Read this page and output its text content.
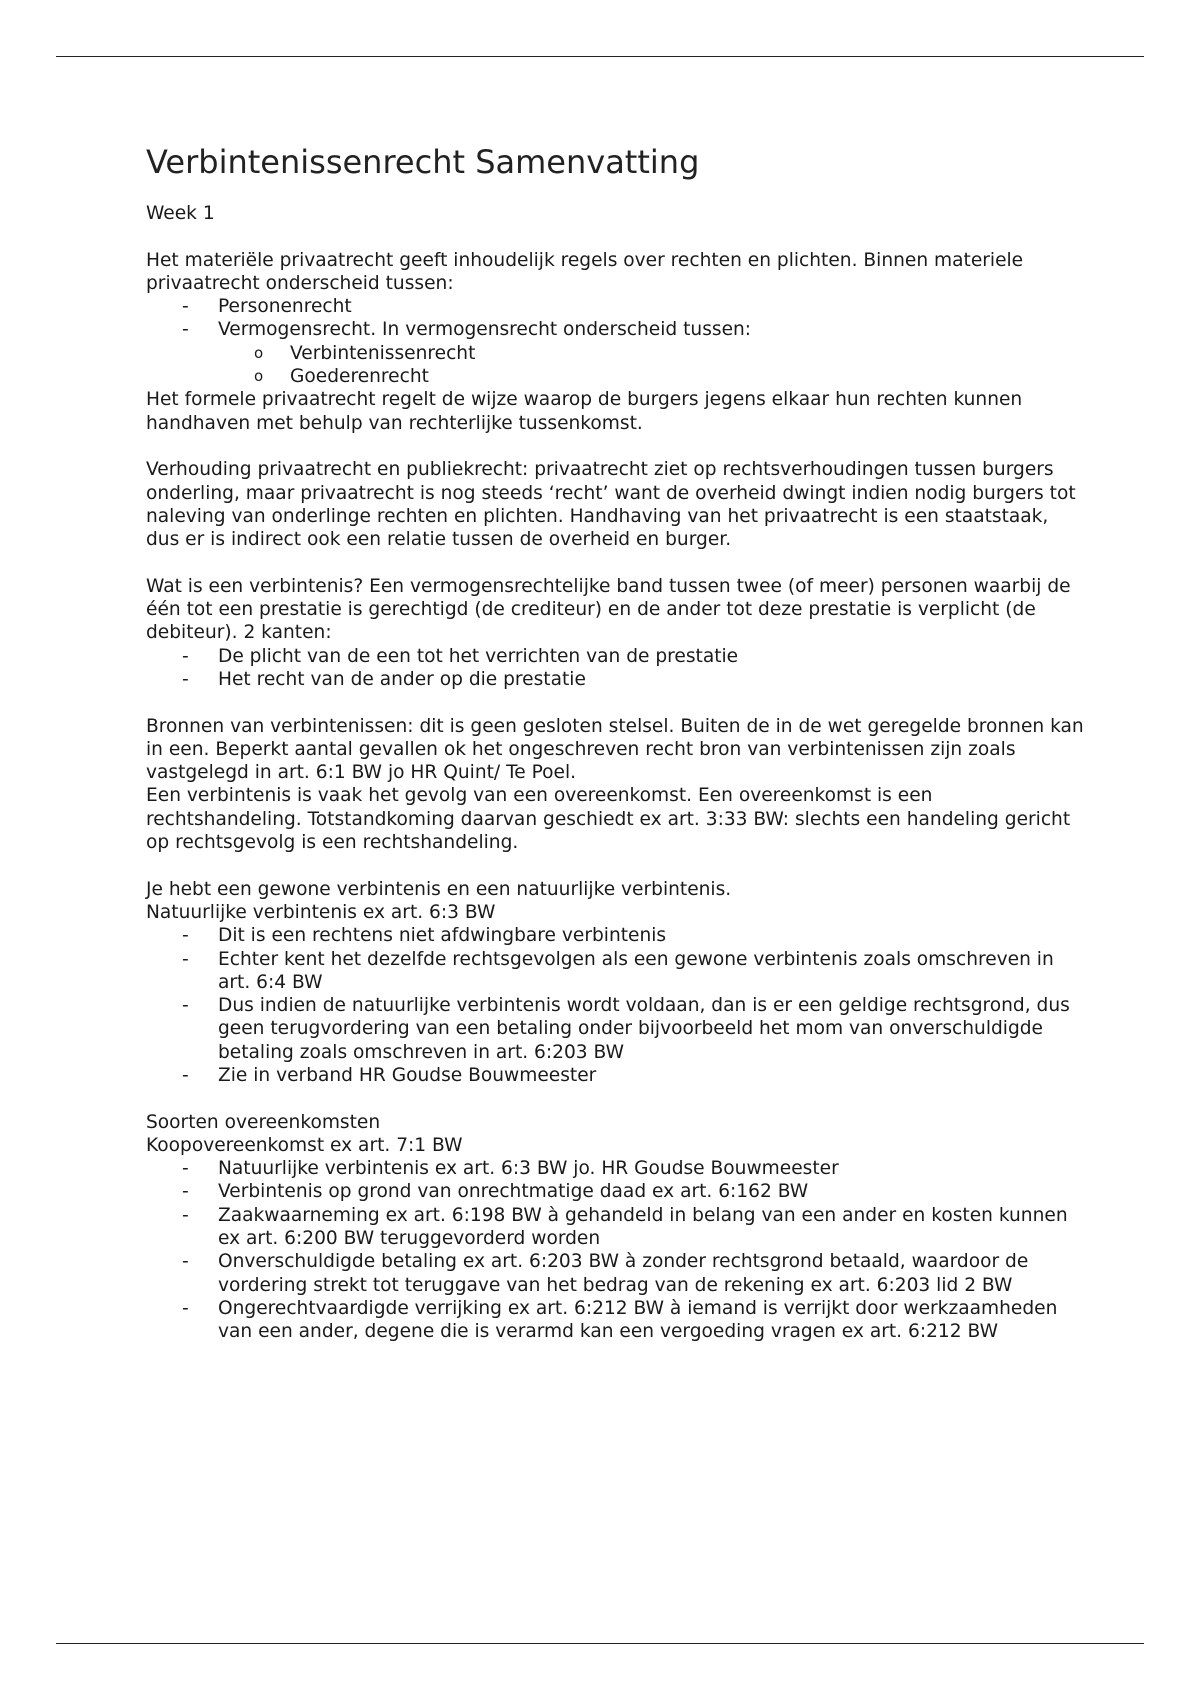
Verbintenissenrecht Samenvatting

Week 1

Het materiële privaatrecht geeft inhoudelijk regels over rechten en plichten. Binnen materiele privaatrecht onderscheid tussen:

- Personenrecht
- Vermogensrecht. In vermogensrecht onderscheid tussen:
o Verbintenissenrecht
o Goederenrecht

Het formele privaatrecht regelt de wijze waarop de burgers jegens elkaar hun rechten kunnen handhaven met behulp van rechterlijke tussenkomst.

Verhouding privaatrecht en publiekrecht: privaatrecht ziet op rechtsverhoudingen tussen burgers onderling, maar privaatrecht is nog steeds ‘recht’ want de overheid dwingt indien nodig burgers tot naleving van onderlinge rechten en plichten. Handhaving van het privaatrecht is een staatstaak, dus er is indirect ook een relatie tussen de overheid en burger.

Wat is een verbintenis? Een vermogensrechtelijke band tussen twee (of meer) personen waarbij de één tot een prestatie is gerechtigd (de crediteur) en de ander tot deze prestatie is verplicht (de debiteur). 2 kanten:

- De plicht van de een tot het verrichten van de prestatie
- Het recht van de ander op die prestatie

Bronnen van verbintenissen: dit is geen gesloten stelsel. Buiten de in de wet geregelde bronnen kan in een. Beperkt aantal gevallen ok het ongeschreven recht bron van verbintenissen zijn zoals vastgelegd in art. 6:1 BW jo HR Quint/ Te Poel.

Een verbintenis is vaak het gevolg van een overeenkomst. Een overeenkomst is een rechtshandeling. Totstandkoming daarvan geschiedt ex art. 3:33 BW: slechts een handeling gericht op rechtsgevolg is een rechtshandeling.

Je hebt een gewone verbintenis en een natuurlijke verbintenis.

Natuurlijke verbintenis ex art. 6:3 BW

- Dit is een rechtens niet afdwingbare verbintenis
- Echter kent het dezelfde rechtsgevolgen als een gewone verbintenis zoals omschreven in art. 6:4 BW
- Dus indien de natuurlijke verbintenis wordt voldaan, dan is er een geldige rechtsgrond, dus geen terugvordering van een betaling onder bijvoorbeeld het mom van onverschuldigde betaling zoals omschreven in art. 6:203 BW
- Zie in verband HR Goudse Bouwmeester

Soorten overeenkomsten

Koopovereenkomst ex art. 7:1 BW

- Natuurlijke verbintenis ex art. 6:3 BW jo. HR Goudse Bouwmeester
- Verbintenis op grond van onrechtmatige daad ex art. 6:162 BW
- Zaakwaarneming ex art. 6:198 BW à gehandeld in belang van een ander en kosten kunnen ex art. 6:200 BW teruggevorderd worden
- Onverschuldigde betaling ex art. 6:203 BW à zonder rechtsgrond betaald, waardoor de vordering strekt tot teruggave van het bedrag van de rekening ex art. 6:203 lid 2 BW
- Ongerechtvaardigde verrijking ex art. 6:212 BW à iemand is verrijkt door werkzaamheden van een ander, degene die is verarmd kan een vergoeding vragen ex art. 6:212 BW
